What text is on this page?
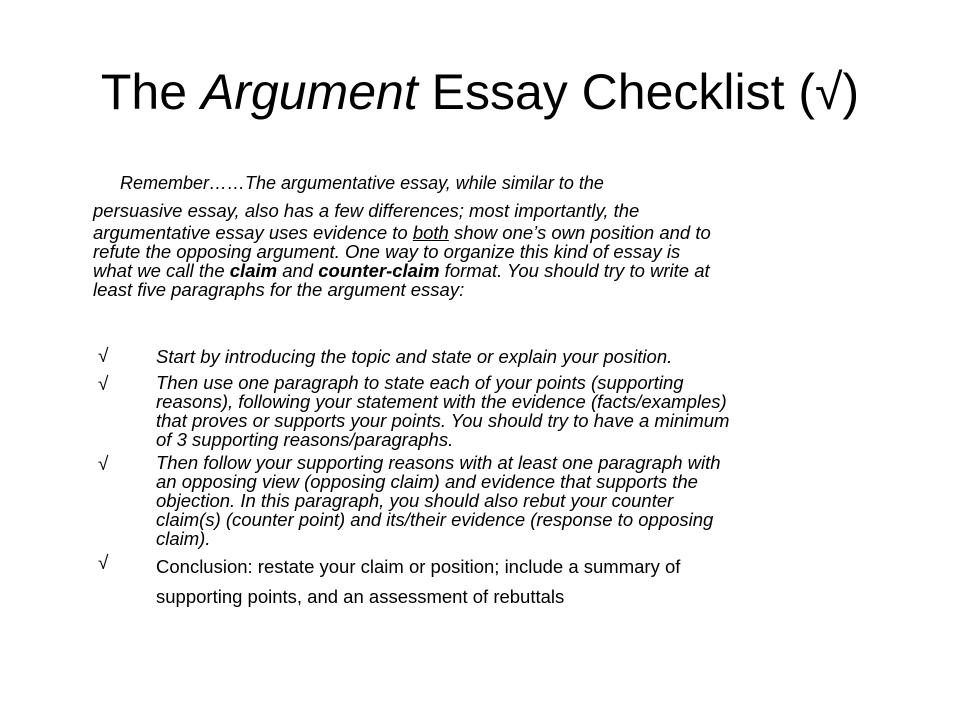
The Argument Essay Checklist (√)
Remember……The argumentative essay, while similar to the
persuasive essay, also has a few differences; most importantly, the
argumentative essay uses evidence to both show one’s own position and to
refute the opposing argument. One way to organize this kind of essay is
what we call the claim and counter-claim format. You should try to write at
least five paragraphs for the argument essay:
√	Start by introducing the topic and state or explain your position.
√	Then use one paragraph to state each of your points (supporting
reasons), following your statement with the evidence (facts/examples)
that proves or supports your points. You should try to have a minimum
of 3 supporting reasons/paragraphs.
√	Then follow your supporting reasons with at least one paragraph with
an opposing view (opposing claim) and evidence that supports the
objection. In this paragraph, you should also rebut your counter
claim(s) (counter point) and its/their evidence (response to opposing
claim).
√	Conclusion: restate your claim or position; include a summary of
supporting points, and an assessment of rebuttals
